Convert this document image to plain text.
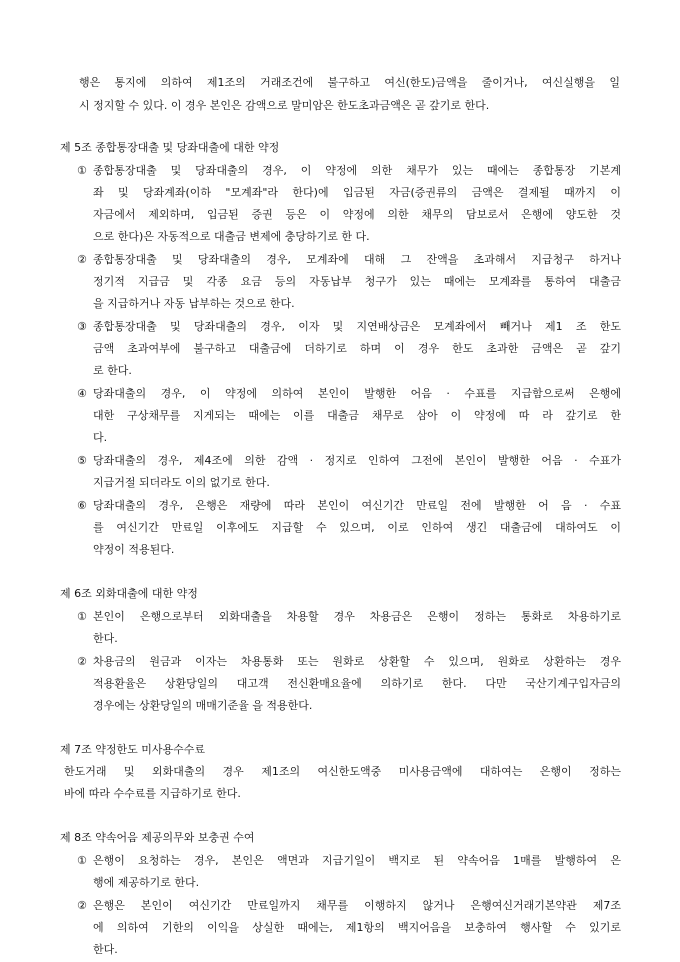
행은 통지에 의하여 제1조의 거래조건에 불구하고 여신(한도)금액을 줄이거나, 여신실행을 일
시 정지할 수 있다. 이 경우 본인은 감액으로 말미암은 한도초과금액은 곧 갚기로 한다.
제 5조 종합통장대출 및 당좌대출에 대한 약정
① 종합통장대출 및 당좌대출의 경우, 이 약정에 의한 채무가 있는 때에는 종합통장 기본계
좌 및 당좌계좌(이하 "모계좌"라 한다)에 입금된 자금(증권류의 금액은 결제될 때까지 이
자금에서 제외하며, 입금된 증권 등은 이 약정에 의한 채무의 담보로서 은행에 양도한 것
으로 한다)은 자동적으로 대출금 변제에 충당하기로 한 다.
② 종합통장대출 및 당좌대출의 경우, 모계좌에 대해 그 잔액을 초과해서 지급청구 하거나
정기적 지급금 및 각종 요금 등의 자동납부 청구가 있는 때에는 모계좌를 통하여 대출금
을 지급하거나 자동 납부하는 것으로 한다.
③ 종합통장대출 및 당좌대출의 경우, 이자 및 지연배상금은 모계좌에서 빼거나 제1 조 한도
금액 초과여부에 불구하고 대출금에 더하기로 하며 이 경우 한도 초과한 금액은 곧 갚기
로 한다.
④ 당좌대출의 경우, 이 약정에 의하여 본인이 발행한 어음 · 수표를 지급함으로써 은행에
대한 구상채무를 지게되는 때에는 이를 대출금 채무로 삼아 이 약정에 따 라 갚기로 한
다.
⑤ 당좌대출의 경우, 제4조에 의한 감액 · 정지로 인하여 그전에 본인이 발행한 어음 · 수표가
지급거절 되더라도 이의 없기로 한다.
⑥ 당좌대출의 경우, 은행은 재량에 따라 본인이 여신기간 만료일 전에 발행한 어 음 · 수표
를 여신기간 만료일 이후에도 지급할 수 있으며, 이로 인하여 생긴 대출금에 대하여도 이
약정이 적용된다.
제 6조 외화대출에 대한 약정
① 본인이 은행으로부터 외화대출을 차용할 경우 차용금은 은행이 정하는 통화로 차용하기로
한다.
② 차용금의 원금과 이자는 차용통화 또는 원화로 상환할 수 있으며, 원화로 상환하는 경우
적용환율은 상환당일의 대고객 전신환매요율에 의하기로 한다. 다만 국산기계구입자금의
경우에는 상환당일의 매매기준율 을 적용한다.
제 7조 약정한도 미사용수수료
한도거래 및 외화대출의 경우 제1조의 여신한도액중 미사용금액에 대하여는 은행이 정하는
바에 따라 수수료를 지급하기로 한다.
제 8조 약속어음 제공의무와 보충권 수여
① 은행이 요청하는 경우, 본인은 액면과 지급기일이 백지로 된 약속어음 1매를 발행하여 은
행에 제공하기로 한다.
② 은행은 본인이 여신기간 만료일까지 채무를 이행하지 않거나 은행여신거래기본약관 제7조
에 의하여 기한의 이익을 상실한 때에는, 제1항의 백지어음을 보충하여 행사할 수 있기로
한다.
